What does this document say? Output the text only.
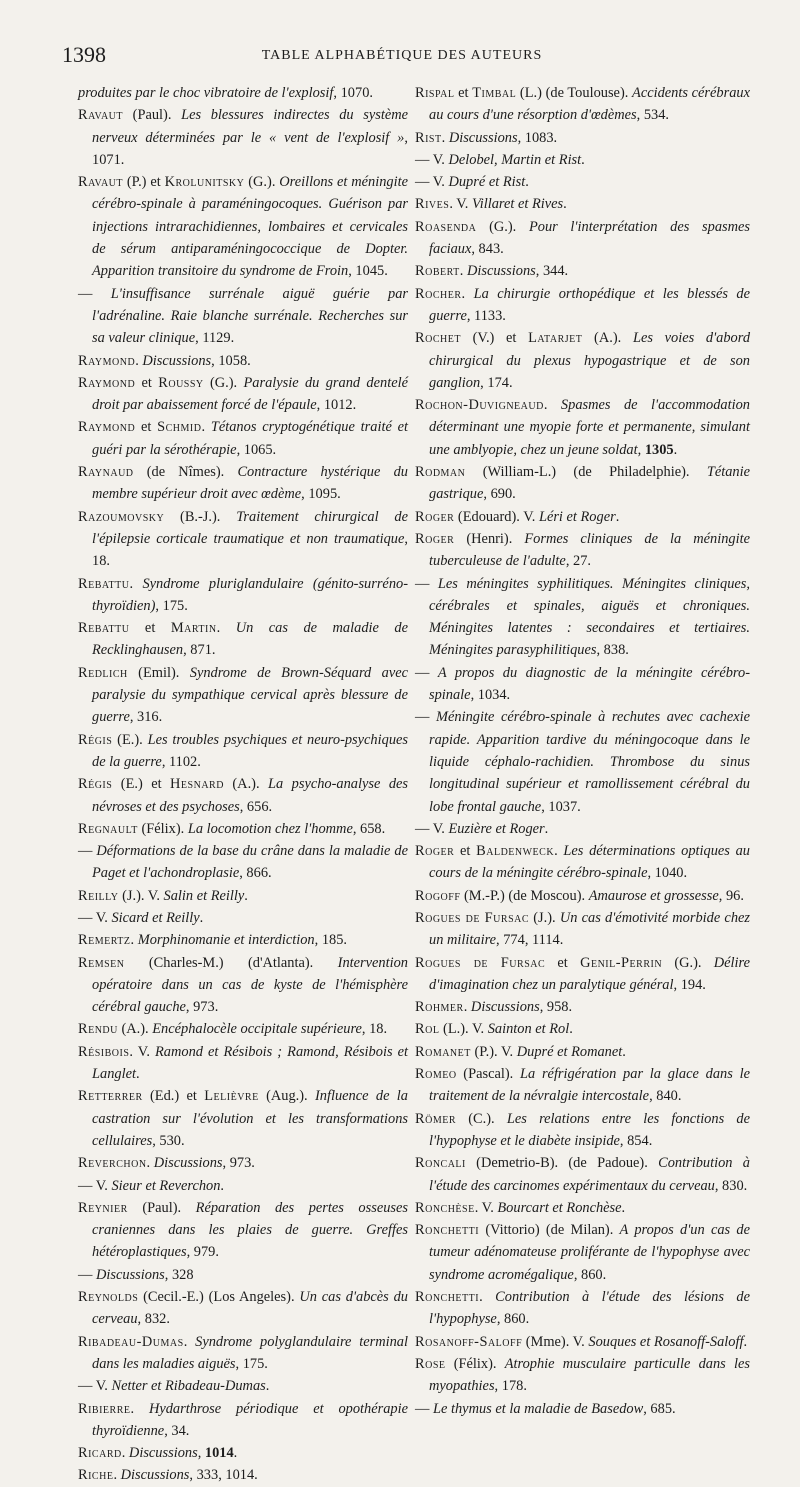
1398	TABLE ALPHABÉTIQUE DES AUTEURS

produites par le choc vibratoire de l'explosif, 1070.

Ravaut (Paul). Les blessures indirectes du système nerveux déterminées par le « vent de l'explosif », 1071.

Ravaut (P.) et Krolunitsky (G.). Oreillons et méningite cérébro-spinale à paraméningocoques. Guérison par injections intrarachidiennes, lombaires et cervicales de sérum antiparaméningococcique de Dopter. Apparition transitoire du syndrome de Froin, 1045.

— L'insuffisance surrénale aiguë guérie par l'adrénaline. Raie blanche surrénale. Recherches sur sa valeur clinique, 1129.

Raymond. Discussions, 1058.

Raymond et Roussy (G.). Paralysie du grand dentelé droit par abaissement forcé de l'épaule, 1012.

Raymond et Schmid. Tétanos cryptogénétique traité et guéri par la sérothérapie, 1065.

Raynaud (de Nîmes). Contracture hystérique du membre supérieur droit avec œdème, 1095.

Razoumovsky (B.-J.). Traitement chirurgical de l'épilepsie corticale traumatique et non traumatique, 18.

Rebattu. Syndrome pluriglandulaire (génito-surréno-thyroïdien), 175.

Rebattu et Martin. Un cas de maladie de Recklinghausen, 871.

Redlich (Emil). Syndrome de Brown-Séquard avec paralysie du sympathique cervical après blessure de guerre, 316.

Régis (E.). Les troubles psychiques et neuro-psychiques de la guerre, 1102.

Régis (E.) et Hesnard (A.). La psycho-analyse des névroses et des psychoses, 656.

Regnault (Félix). La locomotion chez l'homme, 658.

— Déformations de la base du crâne dans la maladie de Paget et l'achondroplasie, 866.

Reilly (J.). V. Salin et Reilly.

— V. Sicard et Reilly.

Remertz. Morphinomanie et interdiction, 185.

Remsen (Charles-M.) (d'Atlanta). Intervention opératoire dans un cas de kyste de l'hémisphère cérébral gauche, 973.

Rendu (A.). Encéphalocèle occipitale supérieure, 18.

Résibois. V. Ramond et Résibois ; Ramond, Résibois et Langlet.

Retterrer (Ed.) et Lelièvre (Aug.). Influence de la castration sur l'évolution et les transformations cellulaires, 530.

Reverchon. Discussions, 973.

— V. Sieur et Reverchon.

Reynier (Paul). Réparation des pertes osseuses craniennes dans les plaies de guerre. Greffes hétéroplastiques, 979.

— Discussions, 328

Reynolds (Cecil.-E.) (Los Angeles). Un cas d'abcès du cerveau, 832.

Ribadeau-Dumas. Syndrome polyglandulaire terminal dans les maladies aiguës, 175.

— V. Netter et Ribadeau-Dumas.

Ribierre. Hydarthrose périodique et opothérapie thyroïdienne, 34.

Ricard. Discussions, 1014.

Riche. Discussions, 333, 1014.

Rispal et Timbal (L.) (de Toulouse). Accidents cérébraux au cours d'une résorption d'œdèmes, 534.

Rist. Discussions, 1083.

— V. Delobel, Martin et Rist.

— V. Dupré et Rist.

Rives. V. Villaret et Rives.

Roasenda (G.). Pour l'interprétation des spasmes faciaux, 843.

Robert. Discussions, 344.

Rocher. La chirurgie orthopédique et les blessés de guerre, 1133.

Rochet (V.) et Latarjet (A.). Les voies d'abord chirurgical du plexus hypogastrique et de son ganglion, 174.

Rochon-Duvigneaud. Spasmes de l'accommodation déterminant une myopie forte et permanente, simulant une amblyopie, chez un jeune soldat, 1305.

Rodman (William-L.) (de Philadelphie). Tétanie gastrique, 690.

Roger (Edouard). V. Léri et Roger.

Roger (Henri). Formes cliniques de la méningite tuberculeuse de l'adulte, 27.

— Les méningites syphilitiques. Méningites cliniques, cérébrales et spinales, aiguës et chroniques. Méningites latentes : secondaires et tertiaires. Méningites parasyphilitiques, 838.

— A propos du diagnostic de la méningite cérébro-spinale, 1034.

— Méningite cérébro-spinale à rechutes avec cachexie rapide. Apparition tardive du méningocoque dans le liquide céphalo-rachidien. Thrombose du sinus longitudinal supérieur et ramollissement cérébral du lobe frontal gauche, 1037.

— V. Euzière et Roger.

Roger et Baldenweck. Les déterminations optiques au cours de la méningite cérébro-spinale, 1040.

Rogoff (M.-P.) (de Moscou). Amaurose et grossesse, 96.

Rogues de Fursac (J.). Un cas d'émotivité morbide chez un militaire, 774, 1114.

Rogues de Fursac et Genil-Perrin (G.). Délire d'imagination chez un paralytique général, 194.

Rohmer. Discussions, 958.

Rol (L.). V. Sainton et Rol.

Romanet (P.). V. Dupré et Romanet.

Romeo (Pascal). La réfrigération par la glace dans le traitement de la névralgie intercostale, 840.

Römer (C.). Les relations entre les fonctions de l'hypophyse et le diabète insipide, 854.

Roncali (Demetrio-B). (de Padoue). Contribution à l'étude des carcinomes expérimentaux du cerveau, 830.

Ronchèse. V. Bourcart et Ronchèse.

Ronchetti (Vittorio) (de Milan). A propos d'un cas de tumeur adénomateuse proliférante de l'hypophyse avec syndrome acromégalique, 860.

Ronchetti. Contribution à l'étude des lésions de l'hypophyse, 860.

Rosanoff-Saloff (Mme). V. Souques et Rosanoff-Saloff.

Rose (Félix). Atrophie musculaire particulle dans les myopathies, 178.

— Le thymus et la maladie de Basedow, 685.
